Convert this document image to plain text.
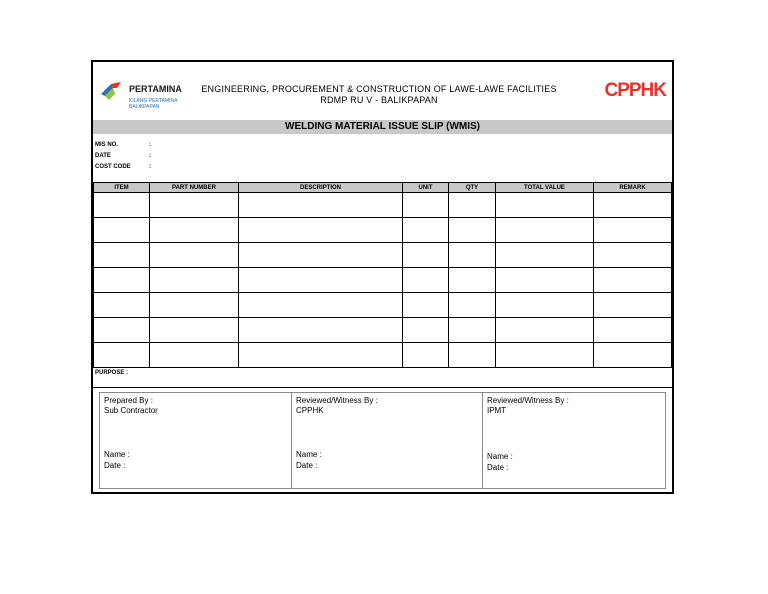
PERTAMINA
KILANG PERTAMINA
BALIKPAPAN
ENGINEERING, PROCUREMENT & CONSTRUCTION OF LAWE-LAWE FACILITIES
RDMP RU V - BALIKPAPAN	CPPHK
WELDING MATERIAL ISSUE SLIP (WMIS)
MIS NO.	:
DATE	:
COST CODE	:
ITEM	PART NUMBER	DESCRIPTION	UNIT	QTY	TOTAL VALUE	REMARK

PURPOSE :
Prepared By :
Sub Contractor
Name :
Date :
Reviewed/Witness By :
CPPHK
Name :
Date :
Reviewed/Witness By :
IPMT
Name :
Date :
